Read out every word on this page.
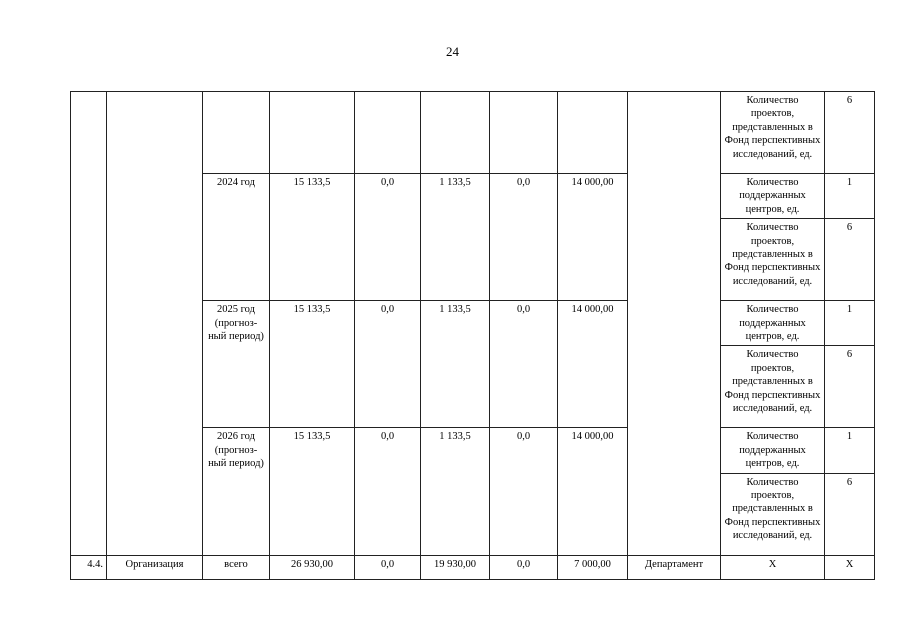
24
									Количество проектов, представленных в Фонд перспективных исследований, ед.	6
		2024 год	15 133,5	0,0	1 133,5	0,0	14 000,00		Количество поддержанных центров, ед.	1
									Количество проектов, представленных в Фонд перспективных исследований, ед.	6
		2025 год (прогноз-ный период)	15 133,5	0,0	1 133,5	0,0	14 000,00		Количество поддержанных центров, ед.	1
									Количество проектов, представленных в Фонд перспективных исследований, ед.	6
		2026 год (прогноз-ный период)	15 133,5	0,0	1 133,5	0,0	14 000,00		Количество поддержанных центров, ед.	1
									Количество проектов, представленных в Фонд перспективных исследований, ед.	6
4.4.	Организация	всего	26 930,00	0,0	19 930,00	0,0	7 000,00	Департамент	Х	Х
